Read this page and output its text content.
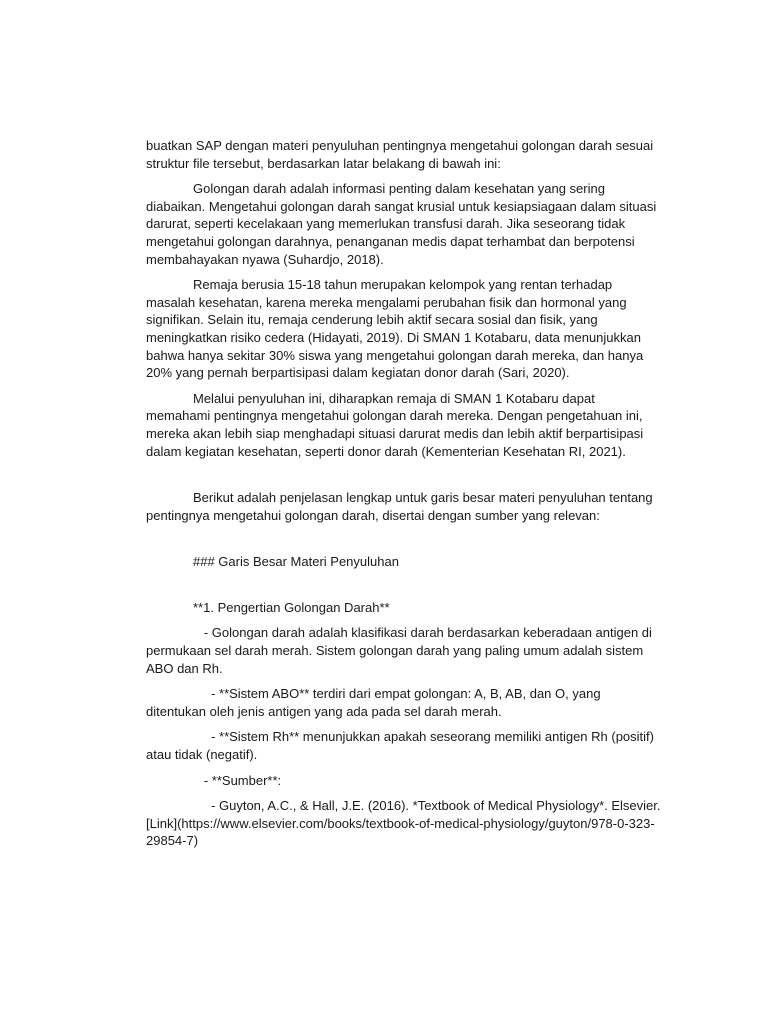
buatkan SAP dengan materi penyuluhan pentingnya mengetahui golongan darah sesuai struktur file tersebut, berdasarkan latar belakang di bawah ini:

Golongan darah adalah informasi penting dalam kesehatan yang sering diabaikan. Mengetahui golongan darah sangat krusial untuk kesiapsiagaan dalam situasi darurat, seperti kecelakaan yang memerlukan transfusi darah. Jika seseorang tidak mengetahui golongan darahnya, penanganan medis dapat terhambat dan berpotensi membahayakan nyawa (Suhardjo, 2018).

Remaja berusia 15-18 tahun merupakan kelompok yang rentan terhadap masalah kesehatan, karena mereka mengalami perubahan fisik dan hormonal yang signifikan. Selain itu, remaja cenderung lebih aktif secara sosial dan fisik, yang meningkatkan risiko cedera (Hidayati, 2019). Di SMAN 1 Kotabaru, data menunjukkan bahwa hanya sekitar 30% siswa yang mengetahui golongan darah mereka, dan hanya 20% yang pernah berpartisipasi dalam kegiatan donor darah (Sari, 2020).

Melalui penyuluhan ini, diharapkan remaja di SMAN 1 Kotabaru dapat memahami pentingnya mengetahui golongan darah mereka. Dengan pengetahuan ini, mereka akan lebih siap menghadapi situasi darurat medis dan lebih aktif berpartisipasi dalam kegiatan kesehatan, seperti donor darah (Kementerian Kesehatan RI, 2021).

Berikut adalah penjelasan lengkap untuk garis besar materi penyuluhan tentang pentingnya mengetahui golongan darah, disertai dengan sumber yang relevan:

### Garis Besar Materi Penyuluhan

**1. Pengertian Golongan Darah**

- Golongan darah adalah klasifikasi darah berdasarkan keberadaan antigen di permukaan sel darah merah. Sistem golongan darah yang paling umum adalah sistem ABO dan Rh.

- **Sistem ABO** terdiri dari empat golongan: A, B, AB, dan O, yang ditentukan oleh jenis antigen yang ada pada sel darah merah.

- **Sistem Rh** menunjukkan apakah seseorang memiliki antigen Rh (positif) atau tidak (negatif).

- **Sumber**:

- Guyton, A.C., & Hall, J.E. (2016). *Textbook of Medical Physiology*. Elsevier. [Link](https://www.elsevier.com/books/textbook-of-medical-physiology/guyton/978-0-323-29854-7)
